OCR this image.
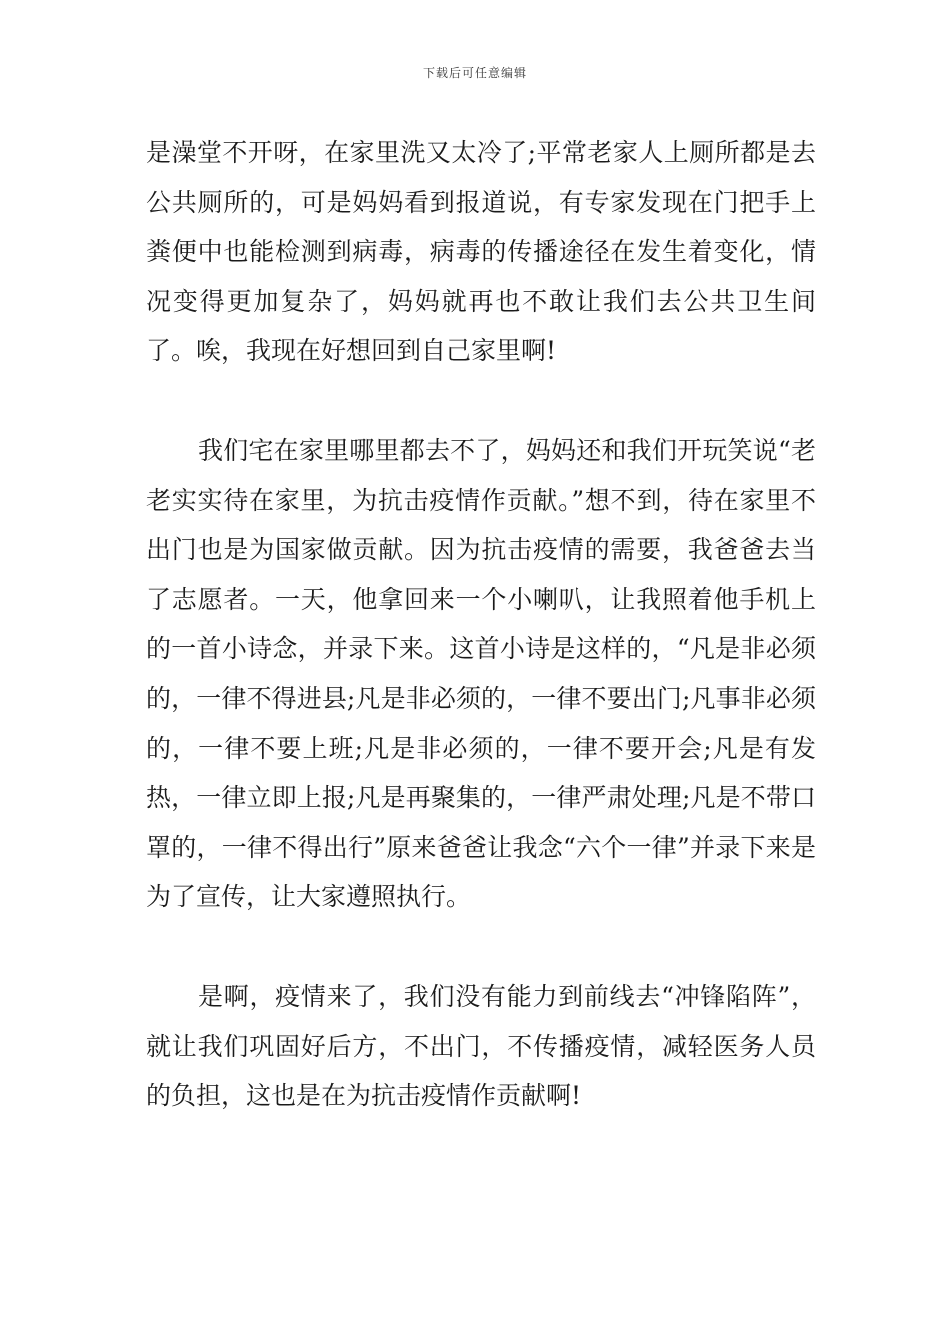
下载后可任意编辑

是澡堂不开呀，在家里洗又太冷了;平常老家人上厕所都是去公共厕所的，可是妈妈看到报道说，有专家发现在门把手上粪便中也能检测到病毒，病毒的传播途径在发生着变化，情况变得更加复杂了，妈妈就再也不敢让我们去公共卫生间了。唉，我现在好想回到自己家里啊!

我们宅在家里哪里都去不了，妈妈还和我们开玩笑说“老老实实待在家里，为抗击疫情作贡献。”想不到，待在家里不出门也是为国家做贡献。因为抗击疫情的需要，我爸爸去当了志愿者。一天，他拿回来一个小喇叭，让我照着他手机上的一首小诗念，并录下来。这首小诗是这样的，“凡是非必须的，一律不得进县;凡是非必须的，一律不要出门;凡事非必须的，一律不要上班;凡是非必须的，一律不要开会;凡是有发热，一律立即上报;凡是再聚集的，一律严肃处理;凡是不带口罩的，一律不得出行”原来爸爸让我念“六个一律”并录下来是为了宣传，让大家遵照执行。

是啊，疫情来了，我们没有能力到前线去“冲锋陷阵”，就让我们巩固好后方，不出门，不传播疫情，减轻医务人员的负担，这也是在为抗击疫情作贡献啊!
